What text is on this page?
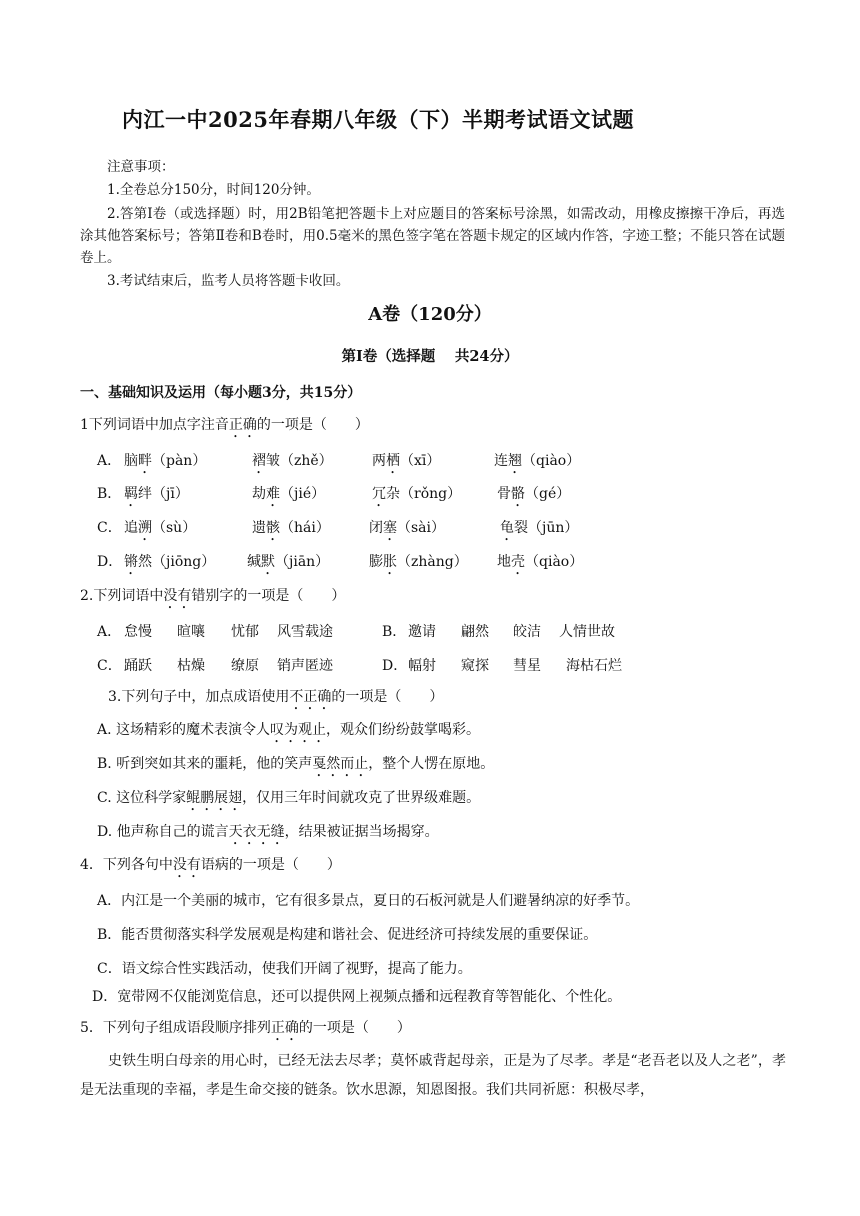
内江一中2025年春期八年级（下）半期考试语文试题
注意事项：
1.全卷总分150分，时间120分钟。
2.答第Ⅰ卷（或选择题）时，用2B铅笔把答题卡上对应题目的答案标号涂黑，如需改动，用橡皮擦擦干净后，再选涂其他答案标号；答第Ⅱ卷和B卷时，用0.5毫米的黑色签字笔在答题卡规定的区域内作答，字迹工整；不能只答在试题卷上。
3.考试结束后，监考人员将答题卡收回。
A卷（120分）
第Ⅰ卷（选择题　 共24分）
一、基础知识及运用（每小题3分，共15分）
1下列词语中加点字注音正确的一项是（　　）
A． 脑畔（pàn）	褶皱（zhě）	两栖（xī）	连翘（qiào）
B． 羁绊（jī）	劫难（jié）	冗杂（rǒng）	骨骼（gé）
C． 追溯（sù）	遗骸（hái）	闭塞（sài）	龟裂（jūn）
D． 锵然（jiōng） 缄默（jiān）	膨胀（zhàng） 地壳（qiào）
2.下列词语中没有错别字的一项是（　　）
A． 怠慢 暄嚷 忧郁 风雪载途	B． 邀请 翩然 皎洁 人情世故
C． 踊跃 枯燥 缭原 销声匿迹	D． 幅射 窥探 彗星 海枯石烂
3.下列句子中，加点成语使用不正确的一项是（　　）
A. 这场精彩的魔术表演令人叹为观止，观众们纷纷鼓掌喝彩。
B. 听到突如其来的噩耗，他的笑声戛然而止，整个人愣在原地。
C. 这位科学家鲲鹏展翅，仅用三年时间就攻克了世界级难题。
D. 他声称自己的谎言天衣无缝，结果被证据当场揭穿。
4．下列各句中没有语病的一项是（　　）
A．内江是一个美丽的城市，它有很多景点，夏日的石板河就是人们避暑纳凉的好季节。
B．能否贯彻落实科学发展观是构建和谐社会、促进经济可持续发展的重要保证。
C．语文综合性实践活动，使我们开阔了视野，提高了能力。
D．宽带网不仅能浏览信息，还可以提供网上视频点播和远程教育等智能化、个性化。
5．下列句子组成语段顺序排列正确的一项是（　　）
史铁生明白母亲的用心时，已经无法去尽孝；莫怀戚背起母亲，正是为了尽孝。孝是“老吾老以及人之老”，孝是无法重现的幸福，孝是生命交接的链条。饮水思源，知恩图报。我们共同祈愿：积极尽孝，
